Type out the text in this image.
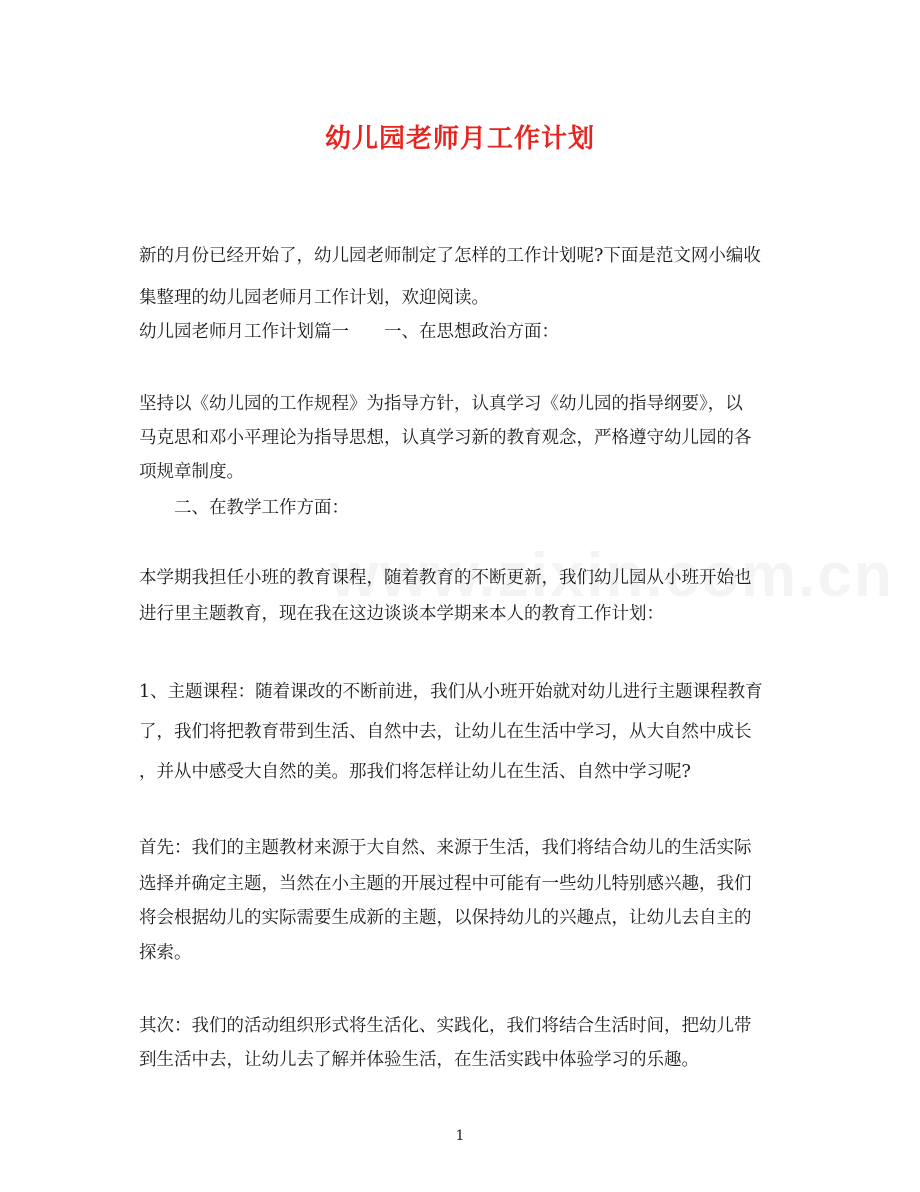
幼儿园老师月工作计划
新的月份已经开始了，幼儿园老师制定了怎样的工作计划呢?下面是范文网小编收
集整理的幼儿园老师月工作计划，欢迎阅读。
幼儿园老师月工作计划篇一　　一、在思想政治方面：
坚持以《幼儿园的工作规程》为指导方针，认真学习《幼儿园的指导纲要》，以
马克思和邓小平理论为指导思想，认真学习新的教育观念，严格遵守幼儿园的各
项规章制度。
　　二、在教学工作方面：
本学期我担任小班的教育课程，随着教育的不断更新，我们幼儿园从小班开始也
进行里主题教育，现在我在这边谈谈本学期来本人的教育工作计划：
1、主题课程：随着课改的不断前进，我们从小班开始就对幼儿进行主题课程教育
了，我们将把教育带到生活、自然中去，让幼儿在生活中学习，从大自然中成长
，并从中感受大自然的美。那我们将怎样让幼儿在生活、自然中学习呢?
首先：我们的主题教材来源于大自然、来源于生活，我们将结合幼儿的生活实际
选择并确定主题，当然在小主题的开展过程中可能有一些幼儿特别感兴趣，我们
将会根据幼儿的实际需要生成新的主题，以保持幼儿的兴趣点，让幼儿去自主的
探索。
其次：我们的活动组织形式将生活化、实践化，我们将结合生活时间，把幼儿带
到生活中去，让幼儿去了解并体验生活，在生活实践中体验学习的乐趣。
1
